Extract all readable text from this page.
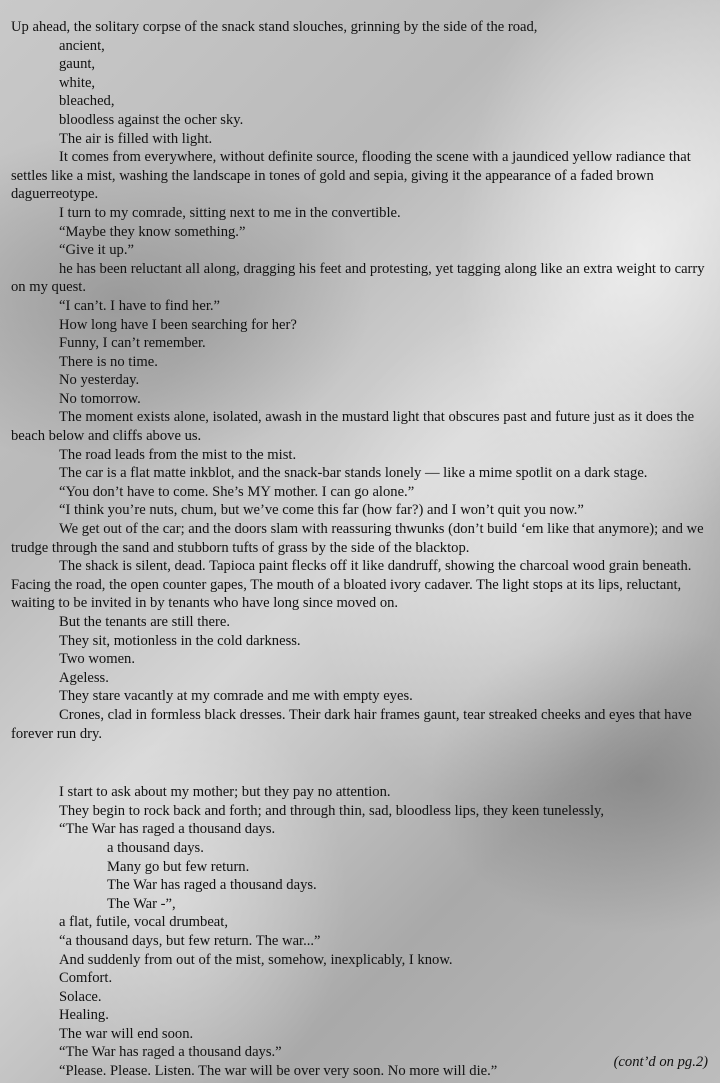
Up ahead, the solitary corpse of the snack stand slouches, grinning by the side of the road,

ancient,

gaunt,

white,

bleached,

bloodless against the ocher sky.

The air is filled with light.

It comes from everywhere, without definite source, flooding the scene with a jaundiced yellow radiance that settles like a mist, washing the landscape in tones of gold and sepia, giving it the appearance of a faded brown daguerreotype.

I turn to my comrade, sitting next to me in the convertible.

“Maybe they know something.”

“Give it up.”

he has been reluctant all along, dragging his feet and protesting, yet tagging along like an extra weight to carry on my quest.

“I can’t. I have to find her.”

How long have I been searching for her?

Funny, I can’t remember.

There is no time.

No yesterday.

No tomorrow.

The moment exists alone, isolated, awash in the mustard light that obscures past and future just as it does the beach below and cliffs above us.

The road leads from the mist to the mist.

The car is a flat matte inkblot, and the snack-bar stands lonely — like a mime spotlit on a dark stage.

“You don’t have to come. She’s MY mother. I can go alone.”

“I think you’re nuts, chum, but we’ve come this far (how far?) and I won’t quit you now.”

We get out of the car; and the doors slam with reassuring thwunks (don’t build ‘em like that anymore); and we trudge through the sand and stubborn tufts of grass by the side of the blacktop.

The shack is silent, dead. Tapioca paint flecks off it like dandruff, showing the charcoal wood grain beneath. Facing the road, the open counter gapes, The mouth of a bloated ivory cadaver. The light stops at its lips, reluctant, waiting to be invited in by tenants who have long since moved on.

But the tenants are still there.

They sit, motionless in the cold darkness.

Two women.

Ageless.

They stare vacantly at my comrade and me with empty eyes.

Crones, clad in formless black dresses. Their dark hair frames gaunt, tear streaked cheeks and eyes that have forever run dry.

I start to ask about my mother; but they pay no attention.

They begin to rock back and forth; and through thin, sad, bloodless lips, they keen tunelessly,

“The War has raged a thousand days.

a thousand days.

Many go but few return.

The War has raged a thousand days.

The War -”,

a flat, futile, vocal drumbeat,

“a thousand days, but few return. The war...”

And suddenly from out of the mist, somehow, inexplicably, I know.

Comfort.

Solace.

Healing.

The war will end soon.

“The War has raged a thousand days.”

“Please. Please. Listen. The war will be over very soon. No more will die.”

(cont’d on pg.2)
